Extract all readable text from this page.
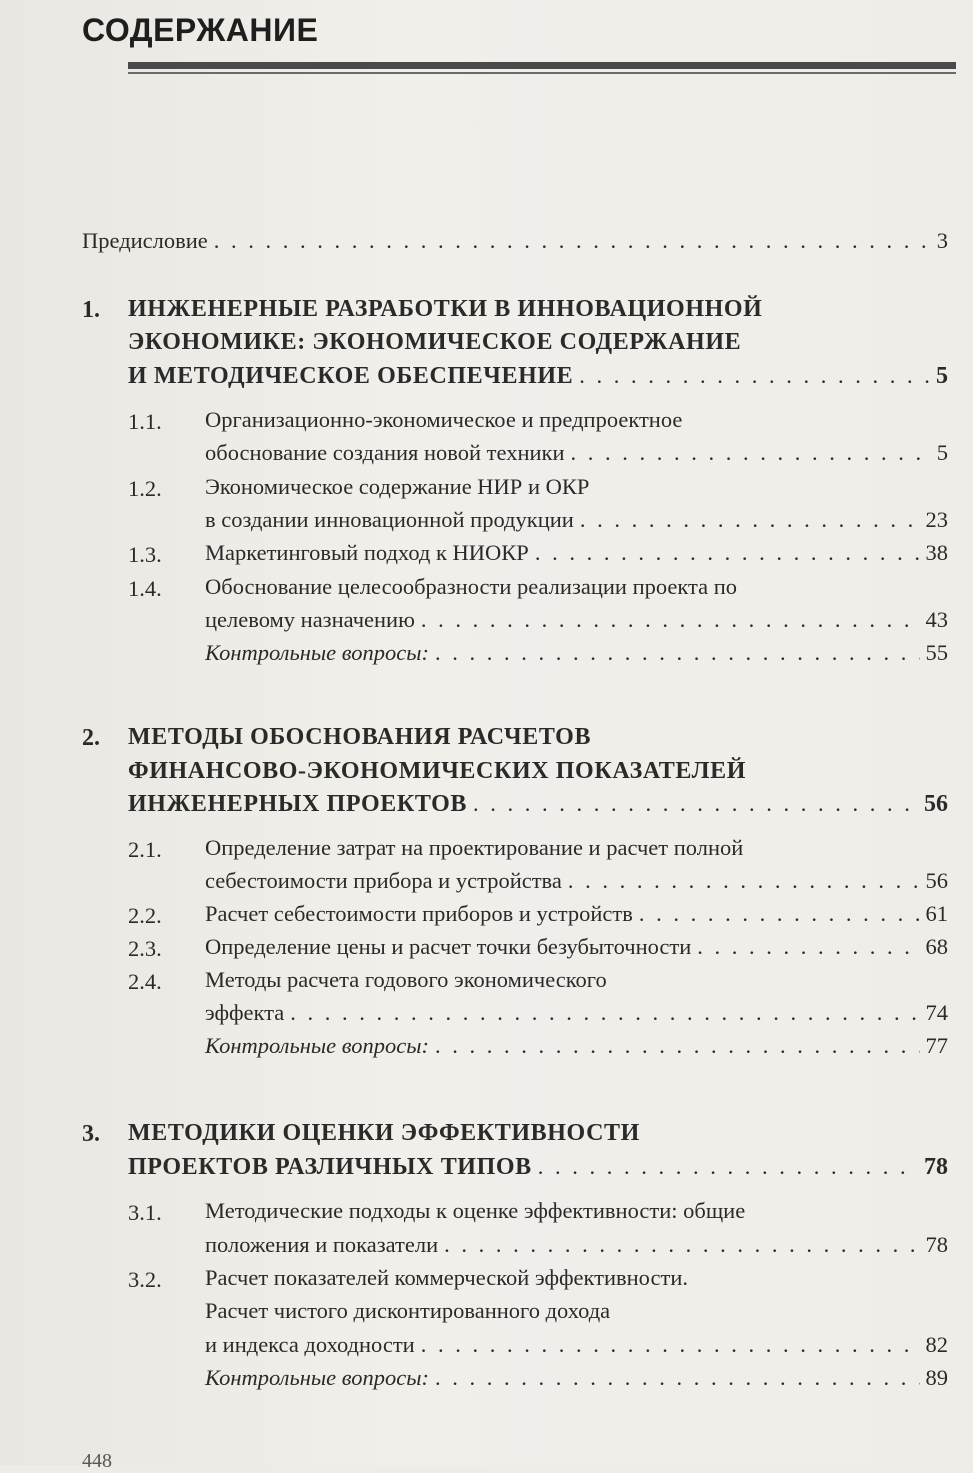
СОДЕРЖАНИЕ
Предисловие . . .	3
1. ИНЖЕНЕРНЫЕ РАЗРАБОТКИ В ИННОВАЦИОННОЙ
ЭКОНОМИКЕ: ЭКОНОМИЧЕСКОЕ СОДЕРЖАНИЕ
И МЕТОДИЧЕСКОЕ ОБЕСПЕЧЕНИЕ . . .	5
1.1. Организационно-экономическое и предпроектное
обоснование создания новой техники . . .	5
1.2. Экономическое содержание НИР и ОКР
в создании инновационной продукции . . .	23
1.3. Маркетинговый подход к НИОКР . . .	38
1.4. Обоснование целесообразности реализации проекта по
целевому назначению . . .	43
Контрольные вопросы : . . .	55
2. МЕТОДЫ ОБОСНОВАНИЯ РАСЧЕТОВ
ФИНАНСОВО-ЭКОНОМИЧЕСКИХ ПОКАЗАТЕЛЕЙ
ИНЖЕНЕРНЫХ ПРОЕКТОВ . . .	56
2.1. Определение затрат на проектирование и расчет полной
себестоимости прибора и устройства . . .	56
2.2. Расчет себестоимости приборов и устройств . . .	61
2.3. Определение цены и расчет точки безубыточности . . .	68
2.4. Методы расчета годового экономического
эффекта . . .	74
Контрольные вопросы : . . .	77
3. МЕТОДИКИ ОЦЕНКИ ЭФФЕКТИВНОСТИ
ПРОЕКТОВ РАЗЛИЧНЫХ ТИПОВ . . .	78
3.1. Методические подходы к оценке эффективности: общие
положения и показатели . . .	78
3.2. Расчет показателей коммерческой эффективности.
Расчет чистого дисконтированного дохода
и индекса доходности . . .	82
Контрольные вопросы : . . .	89
448
